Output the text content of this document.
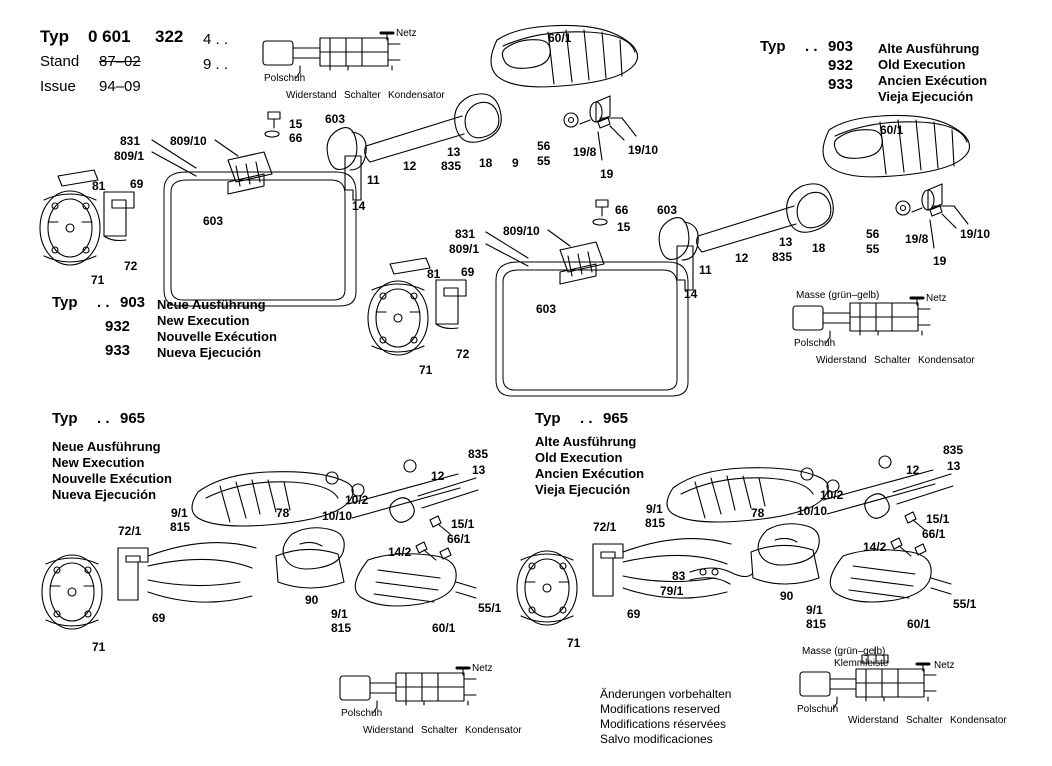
Typ 0 601 322 4 . .
9 . .
Stand 87–02
Issue 94–09
Typ . . 903
932
933
Alte Ausführung
Old Execution
Ancien Exécution
Vieja Ejecución
Typ . . 903
932
933
Neue Ausführung
New Execution
Nouvelle Exécution
Nueva Ejecución
Typ . . 965
Neue Ausführung
New Execution
Nouvelle Exécution
Nueva Ejecución
Typ . . 965
Alte Ausführung
Old Execution
Ancien Exécution
Vieja Ejecución
Netz
Polschuh
Widerstand Schalter Kondensator
Masse (grün–gelb)	Netz
Polschuh
Widerstand Schalter Kondensator
Netz
Polschuh
Widerstand Schalter Kondensator
Masse (grün–gelb)
Klemmleiste	Netz
Polschuh
Widerstand Schalter Kondensator
Änderungen vorbehalten
Modifications reserved
Modifications réservées
Salvo modificaciones
60/1
831
809/1
809/10
15
66
603
12
13
835 18 9
56
55
19/8	19/10
19
11
14
603
81 69
72
71
60/1
831
809/1
809/10
66
15
603
12
13
835
18
56
55
19/8	19/10
19
11
14
603
81 69
72
71
835
13
12
10/2
10/10
15/1
66/1
14/2
78
9/1
815
72/1
90
9/1
815	60/1
55/1
69
71
835
13
12
10/2
10/10
15/1
66/1
14/2
78
9/1
815
72/1
83
79/1	90
9/1
815	60/1
55/1
69
71
